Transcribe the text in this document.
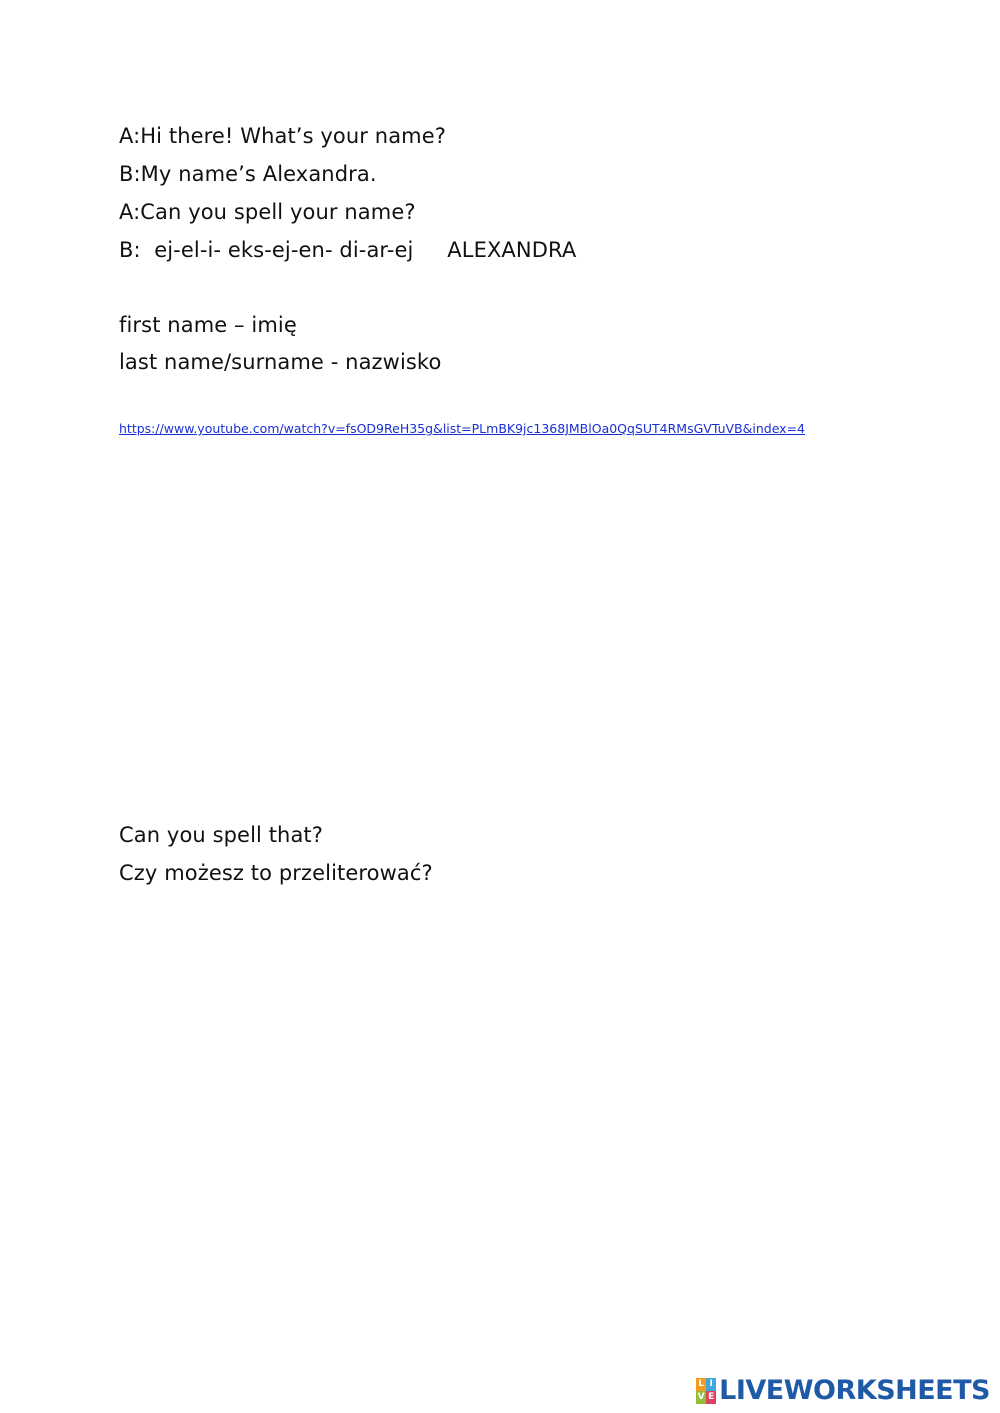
A:Hi there! What’s your name?
B:My name’s Alexandra.
A:Can you spell your name?
B:  ej-el-i- eks-ej-en- di-ar-ej     ALEXANDRA
first name – imię
last name/surname - nazwisko
https://www.youtube.com/watch?v=fsOD9ReH35g&list=PLmBK9jc1368JMBlOa0QqSUT4RMsGVTuVB&index=4
Can you spell that?
Czy możesz to przeliterować?
L I
V E LIVEWORKSHEETS
